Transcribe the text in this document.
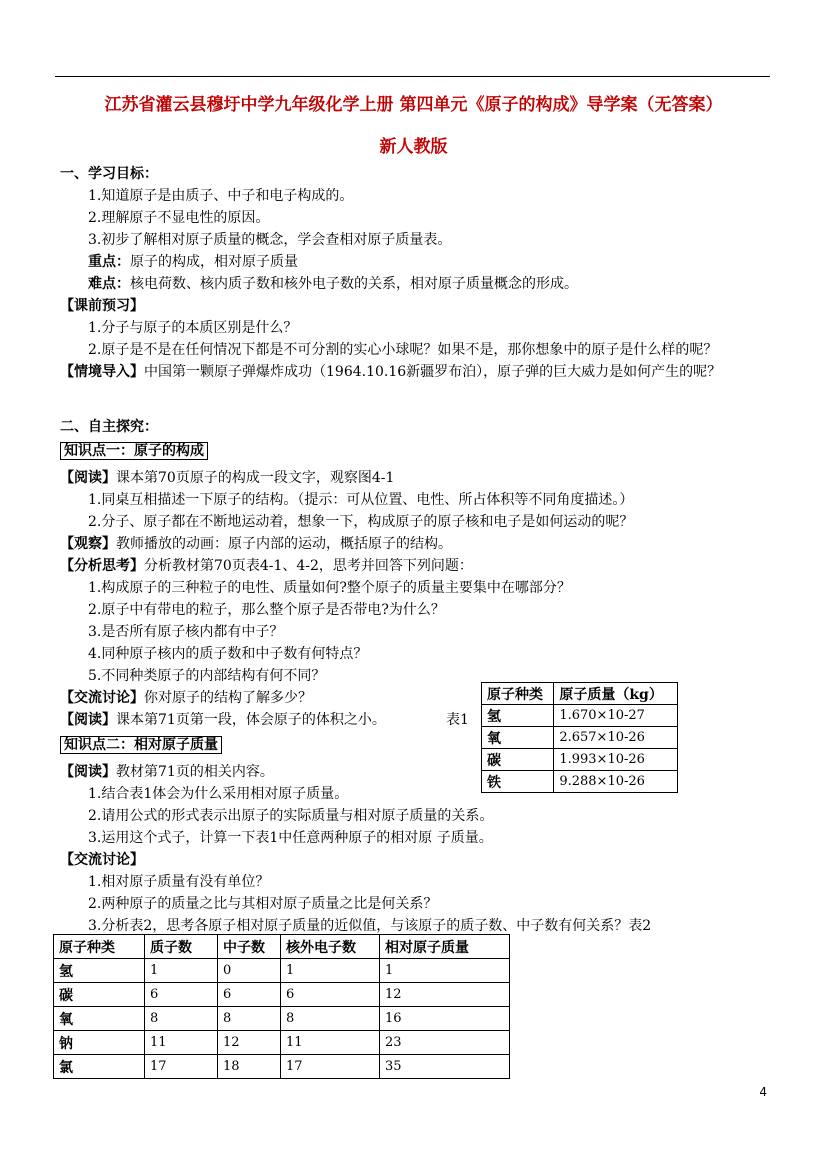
江苏省灌云县穆圩中学九年级化学上册 第四单元《原子的构成》导学案（无答案）
新人教版
一、学习目标：
1.知道原子是由质子、中子和电子构成的。
2.理解原子不显电性的原因。
3.初步了解相对原子质量的概念，学会查相对原子质量表。
重点：原子的构成，相对原子质量
难点：核电荷数、核内质子数和核外电子数的关系，相对原子质量概念的形成。
【课前预习】
1.分子与原子的本质区别是什么？
2.原子是不是在任何情况下都是不可分割的实心小球呢？如果不是，那你想象中的原子是什么样的呢？
【情境导入】中国第一颗原子弹爆炸成功（1964.10.16新疆罗布泊），原子弹的巨大威力是如何产生的呢？
二、自主探究：
知识点一：原子的构成
【阅读】课本第70页原子的构成一段文字，观察图4-1
1.同桌互相描述一下原子的结构。（提示：可从位置、电性、所占体积等不同角度描述。）
2.分子、原子都在不断地运动着，想象一下，构成原子的原子核和电子是如何运动的呢？
【观察】教师播放的动画：原子内部的运动，概括原子的结构。
【分析思考】分析教材第70页表4-1、4-2，思考并回答下列问题：
1.构成原子的三种粒子的电性、质量如何?整个原子的质量主要集中在哪部分？
2.原子中有带电的粒子，那么整个原子是否带电?为什么？
3.是否所有原子核内都有中子？
4.同种原子核内的质子数和中子数有何特点？
5.不同种类原子的内部结构有何不同？
【交流讨论】你对原子的结构了解多少？
【阅读】课本第71页第一段，体会原子的体积之小。	表1
知识点二：相对原子质量
【阅读】教材第71页的相关内容。
1.结合表1体会为什么采用相对原子质量。
2.请用公式的形式表示出原子的实际质量与相对原子质量的关系。
3.运用这个式子，计算一下表1中任意两种原子的相对原 子质量。
【交流讨论】
1.相对原子质量有没有单位？
2.两种原子的质量之比与其相对原子质量之比是何关系？
3.分析表2，思考各原子相对原子质量的近似值，与该原子的质子数、中子数有何关系？表2
原子种类	原子质量（kg）
氢	1.670×10-27
氧	2.657×10-26
碳	1.993×10-26
铁	9.288×10-26
原子种类	质子数	中子数	核外电子数	相对原子质量
氢	1	0	1	1
碳	6	6	6	12
氧	8	8	8	16
钠	11	12	11	23
氯	17	18	17	35
4
